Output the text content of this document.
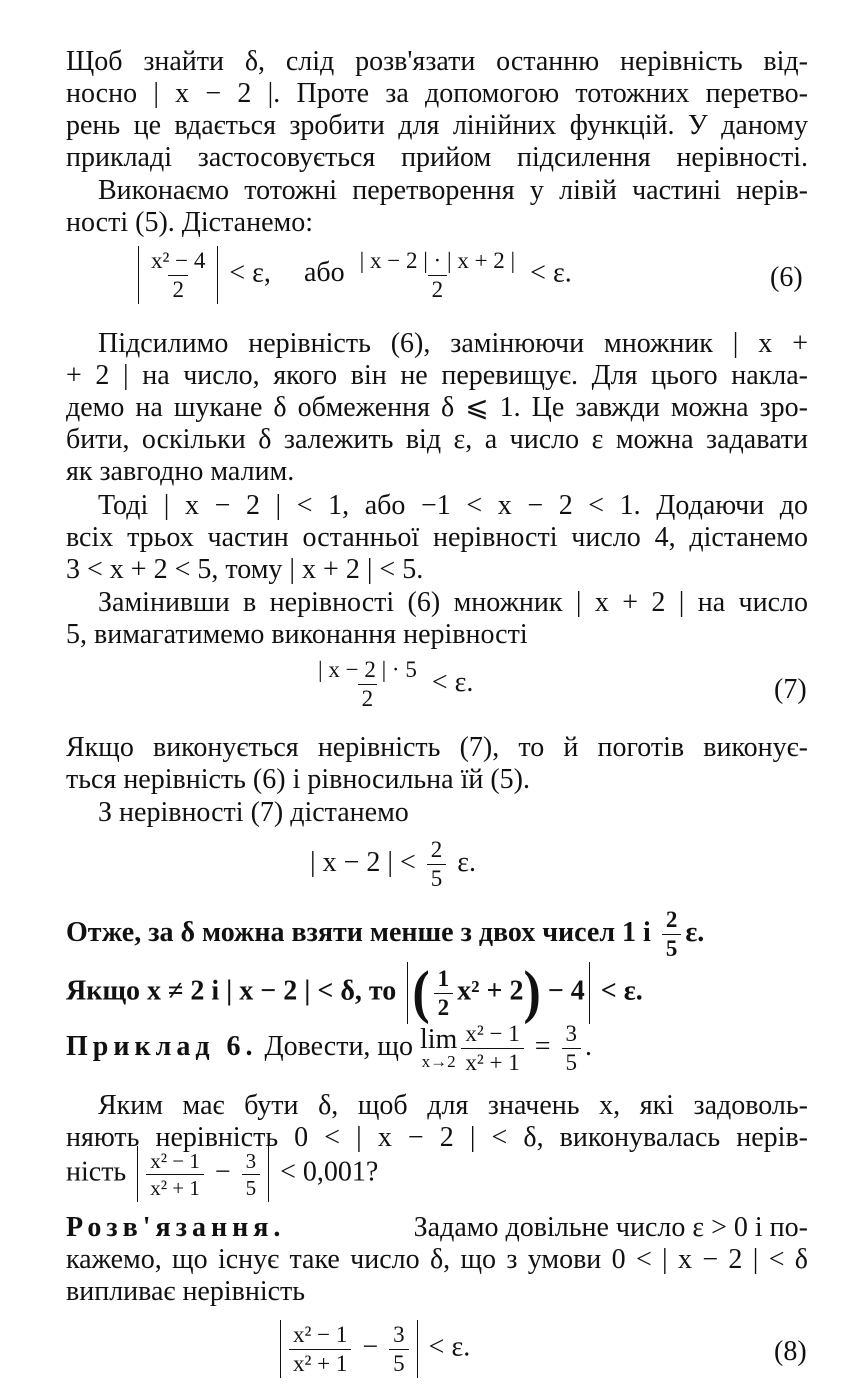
Щоб знайти δ, слід розв'язати останню нерівність від-
носно | x − 2 |. Проте за допомогою тотожних перетво-
рень це вдається зробити для лінійних функцій. У даному
прикладі застосовується прийом підсилення нерівності.
Виконаємо тотожні перетворення у лівій частині нерів-
ності (5). Дістанемо:
$\frac{\text{x² − 4}}{2} < \varepsilon$, або $\frac{| x - 2 | \cdot | x + 2 |}{2} < \varepsilon$.	(6)
Підсилимо нерівність (6), замінюючи множник | x +
+ 2 | на число, якого він не перевищує. Для цього накла-
демо на шукане δ обмеження δ ⩽ 1. Це завжди можна зро-
бити, оскільки δ залежить від ε, а число ε можна задавати
як завгодно малим.
Тоді | x − 2 | < 1, або −1 < x − 2 < 1. Додаючи до
всіх трьох частин останньої нерівності число 4, дістанемо
3 < x + 2 < 5, тому | x + 2 | < 5.
Замінивши в нерівності (6) множник | x + 2 | на число
5, вимагатимемо виконання нерівності
$\frac{| x - 2 | \cdot 5}{2} < \varepsilon$.	(7)
Якщо виконується нерівність (7), то й поготів виконує-
ться нерівність (6) і рівносильна їй (5).
З нерівності (7) дістанемо
| x − 2 | < $\frac{2}{5} \varepsilon$.
Отже, за δ можна взяти менше з двох чисел 1 і $\frac{2}{5} \varepsilon$.
Якщо x ≠ 2 і | x − 2 | < δ, то ( $\frac{1}{2} x^2 + 2) - 4 < \varepsilon$.
Приклад 6. Довести, що lim
$x\to 2 \frac{\text{x² − 1}}{\text{x² + 1}} = \frac{3}{5}$ .
Яким має бути δ, щоб для значень x, які задоволь-
няють нерівність 0 < | x − 2 | < δ, виконувалась нерів-
ність $\frac{\text{x² − 1}}{\text{x² + 1}} - \frac{3}{5} < 0,001$?
Розв'язання.	Задамо довільне число ε > 0 і по-
кажемо, що існує таке число δ, що з умови 0 < | x − 2 | < δ
випливає нерівність
$\frac{\text{x² − 1}}{\text{x² + 1}} - \frac{3}{5} < \varepsilon$.	(8)
